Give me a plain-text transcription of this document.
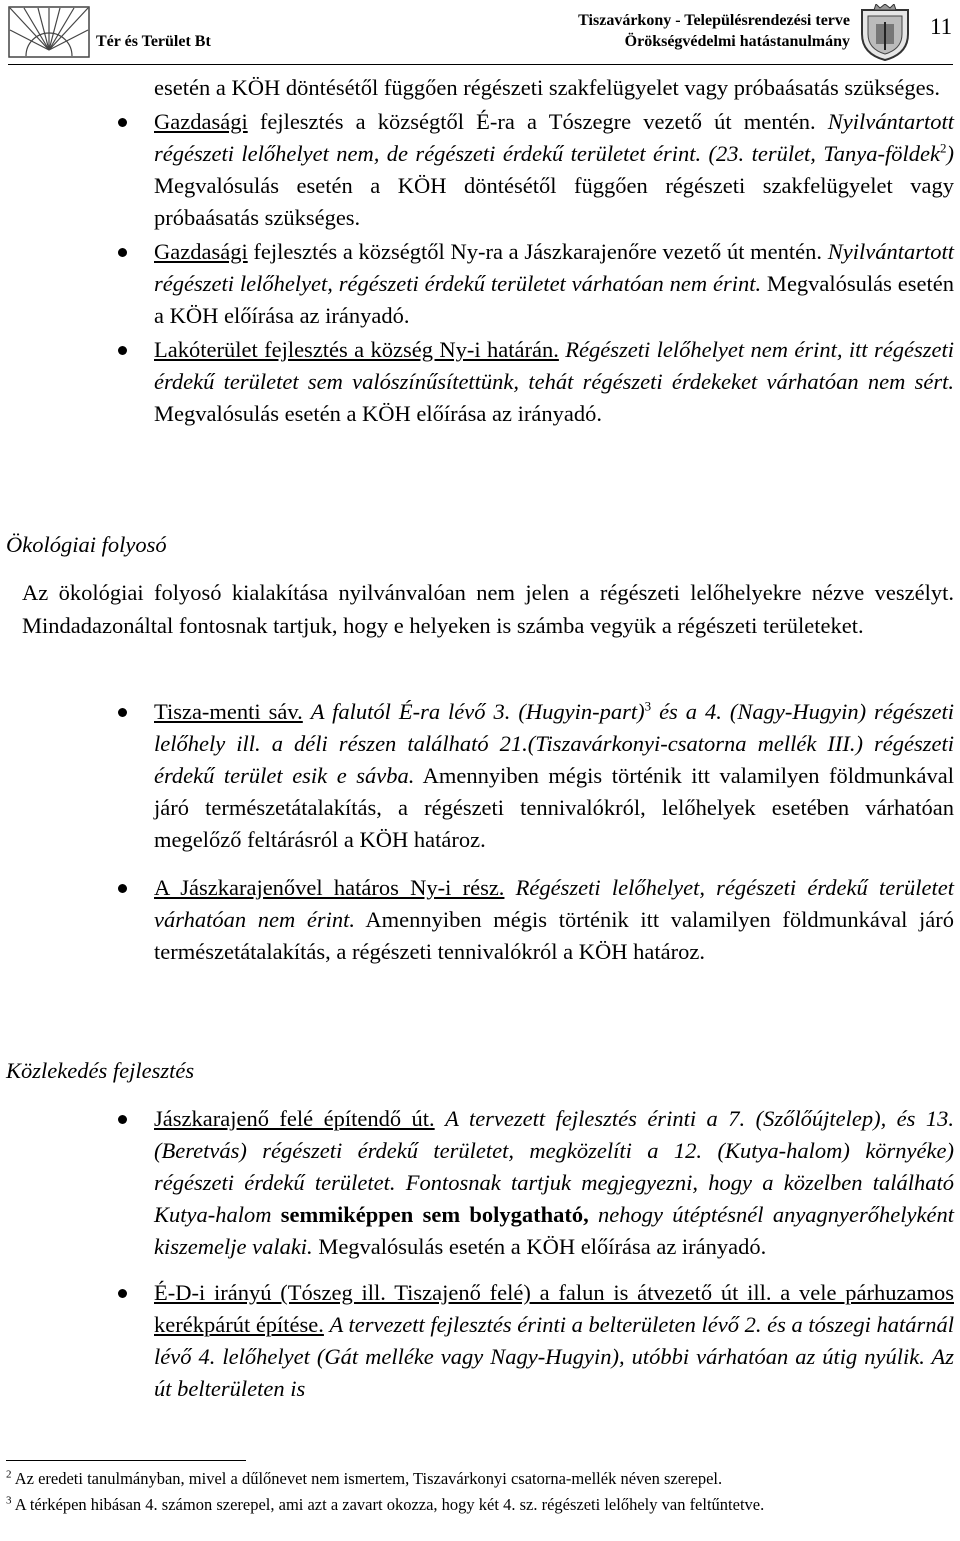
Tér és Terület Bt
Tiszavárkony - Településrendezési terve
Örökségvédelmi hatástanulmány
11
esetén a KÖH döntésétől függően régészeti szakfelügyelet vagy próbaásatás szükséges.
Gazdasági fejlesztés a községtől É-ra a Tószegre vezető út mentén. Nyilvántartott régészeti lelőhelyet nem, de régészeti érdekű területet érint. (23. terület, Tanya-földek$^2$) Megvalósulás esetén a KÖH döntésétől függően régészeti szakfelügyelet vagy próbaásatás szükséges.
Gazdasági fejlesztés a községtől Ny-ra a Jászkarajenőre vezető út mentén. Nyilvántartott régészeti lelőhelyet, régészeti érdekű területet várhatóan nem érint. Megvalósulás esetén a KÖH előírása az irányadó.
Lakóterület fejlesztés a község Ny-i határán. Régészeti lelőhelyet nem érint, itt régészeti érdekű területet sem valószínűsítettünk, tehát régészeti érdekeket várhatóan nem sért. Megvalósulás esetén a KÖH előírása az irányadó.
Ökológiai folyosó
Az ökológiai folyosó kialakítása nyilvánvalóan nem jelen a régészeti lelőhelyekre nézve veszélyt. Mindadazonáltal fontosnak tartjuk, hogy e helyeken is számba vegyük a régészeti területeket.
Tisza-menti sáv. A falutól É-ra lévő 3. (Hugyin-part)$^3$ és a 4. (Nagy-Hugyin) régészeti lelőhely ill. a déli részen található 21.(Tiszavárkonyi-csatorna mellék III.) régészeti érdekű terület esik e sávba. Amennyiben mégis történik itt valamilyen földmunkával járó természetátalakítás, a régészeti tennivalókról, lelőhelyek esetében várhatóan megelőző feltárásról a KÖH határoz.
A Jászkarajenővel határos Ny-i rész. Régészeti lelőhelyet, régészeti érdekű területet várhatóan nem érint. Amennyiben mégis történik itt valamilyen földmunkával járó természetátalakítás, a régészeti tennivalókról a KÖH határoz.
Közlekedés fejlesztés
Jászkarajenő felé építendő út. A tervezett fejlesztés érinti a 7. (Szőlőújtelep), és 13. (Beretvás) régészeti érdekű területet, megközelíti a 12. (Kutya-halom) környéke) régészeti érdekű területet. Fontosnak tartjuk megjegyezni, hogy a közelben található Kutya-halom semmiképpen sem bolygatható, nehogy útéptésnél anyagnyerőhelyként kiszemelje valaki. Megvalósulás esetén a KÖH előírása az irányadó.
É-D-i irányú (Tószeg ill. Tiszajenő felé) a falun is átvezető út ill. a vele párhuzamos kerékpárút építése. A tervezett fejlesztés érinti a belterületen lévő 2. és a tószegi határnál lévő 4. lelőhelyet (Gát melléke vagy Nagy-Hugyin), utóbbi várhatóan az útig nyúlik. Az út belterületen is
$^2$ Az eredeti tanulmányban, mivel a dűlőnevet nem ismertem, Tiszavárkonyi csatorna-mellék néven szerepel.
$^3$ A térképen hibásan 4. számon szerepel, ami azt a zavart okozza, hogy két 4. sz. régészeti lelőhely van feltűntetve.
